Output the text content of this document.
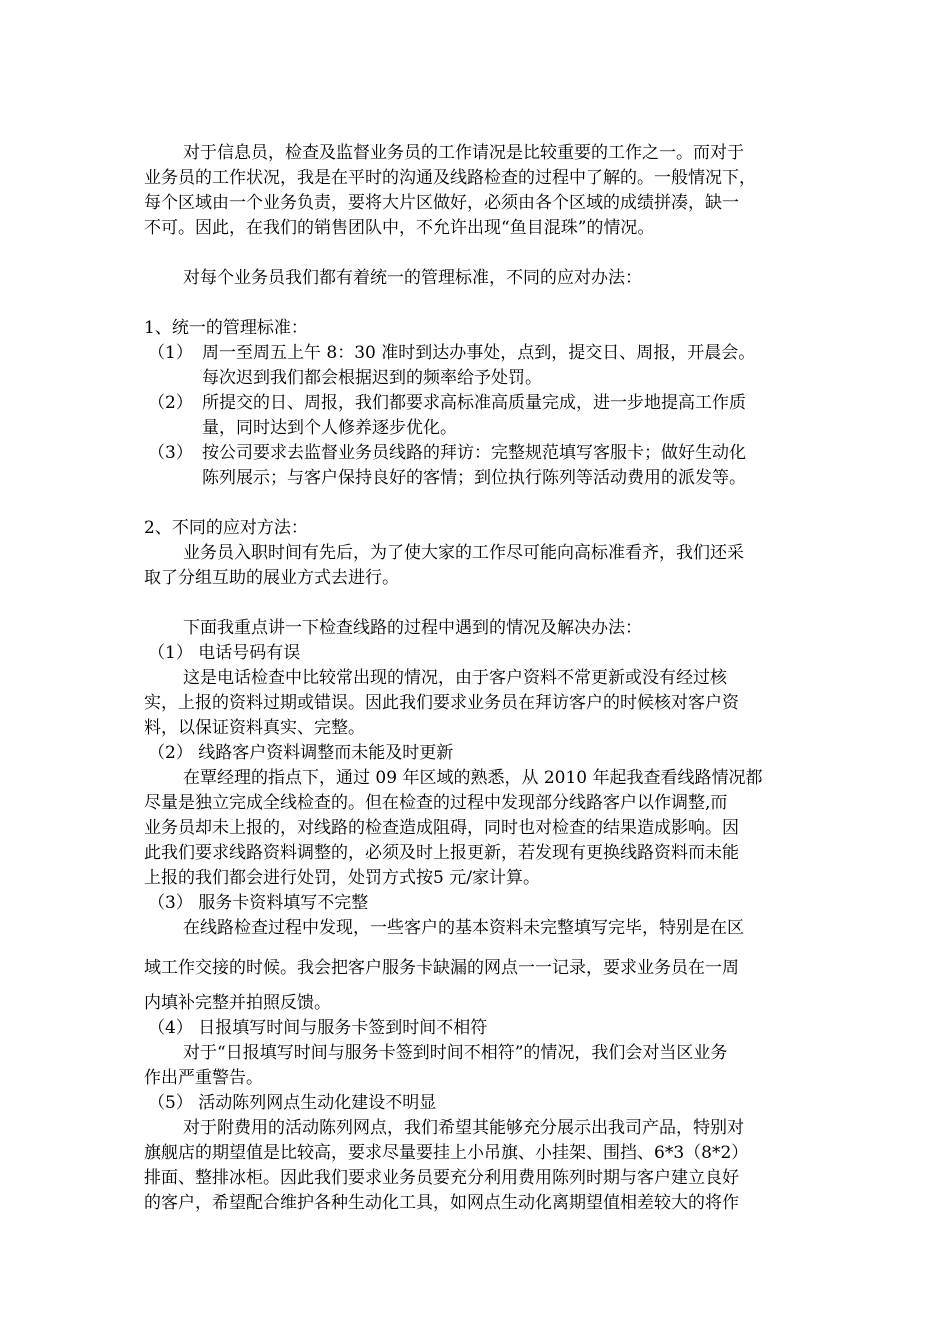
对于信息员，检查及监督业务员的工作请况是比较重要的工作之一。而对于
业务员的工作状况，我是在平时的沟通及线路检查的过程中了解的。一般情况下，
每个区域由一个业务负责，要将大片区做好，必须由各个区域的成绩拼凑，缺一
不可。因此，在我们的销售团队中，不允许出现“鱼目混珠”的情况。
对每个业务员我们都有着统一的管理标准，不同的应对办法：
1、统一的管理标准：
（1） 周一至周五上午 8：30 准时到达办事处，点到，提交日、周报，开晨会。
每次迟到我们都会根据迟到的频率给予处罚。
（2） 所提交的日、周报，我们都要求高标准高质量完成，进一步地提高工作质
量，同时达到个人修养逐步优化。
（3） 按公司要求去监督业务员线路的拜访：完整规范填写客服卡；做好生动化
陈列展示；与客户保持良好的客情；到位执行陈列等活动费用的派发等。
2、不同的应对方法：
业务员入职时间有先后，为了使大家的工作尽可能向高标准看齐，我们还采
取了分组互助的展业方式去进行。
下面我重点讲一下检查线路的过程中遇到的情况及解决办法：
（1） 电话号码有误
这是电话检查中比较常出现的情况，由于客户资料不常更新或没有经过核
实，上报的资料过期或错误。因此我们要求业务员在拜访客户的时候核对客户资
料，以保证资料真实、完整。
（2） 线路客户资料调整而未能及时更新
在覃经理的指点下，通过 09 年区域的熟悉，从 2010 年起我查看线路情况都
尽量是独立完成全线检查的。但在检查的过程中发现部分线路客户以作调整,而
业务员却未上报的，对线路的检查造成阻碍，同时也对检查的结果造成影响。因
此我们要求线路资料调整的，必须及时上报更新，若发现有更换线路资料而未能
上报的我们都会进行处罚，处罚方式按5 元/家计算。
（3） 服务卡资料填写不完整
在线路检查过程中发现，一些客户的基本资料未完整填写完毕，特别是在区
域工作交接的时候。我会把客户服务卡缺漏的网点一一记录，要求业务员在一周
内填补完整并拍照反馈。
（4） 日报填写时间与服务卡签到时间不相符
对于“日报填写时间与服务卡签到时间不相符”的情况，我们会对当区业务
作出严重警告。
（5） 活动陈列网点生动化建设不明显
对于附费用的活动陈列网点，我们希望其能够充分展示出我司产品，特别对
旗舰店的期望值是比较高，要求尽量要挂上小吊旗、小挂架、围挡、6*3（8*2）
排面、整排冰柜。因此我们要求业务员要充分利用费用陈列时期与客户建立良好
的客户，希望配合维护各种生动化工具，如网点生动化离期望值相差较大的将作
